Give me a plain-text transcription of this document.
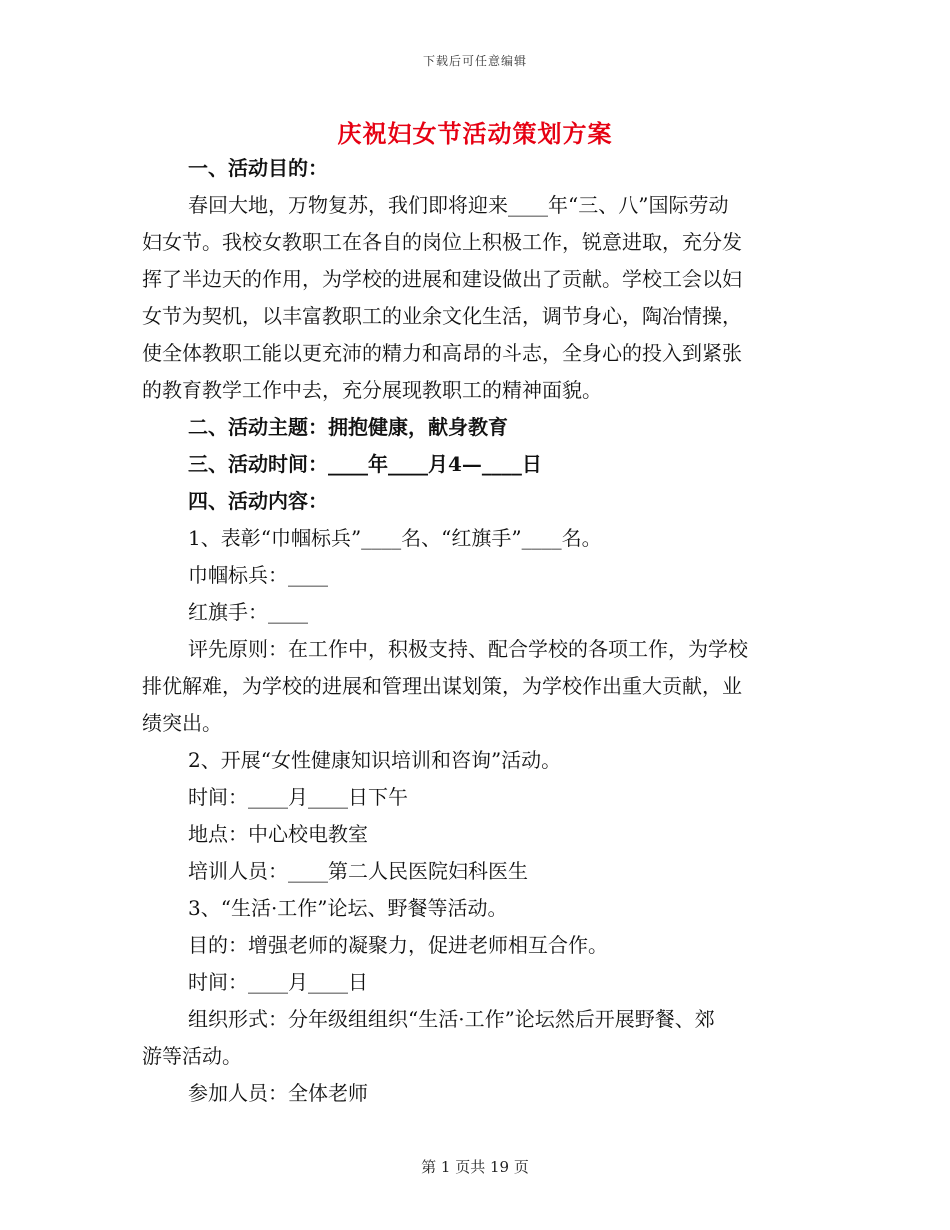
下载后可任意编辑
庆祝妇女节活动策划方案
一、活动目的：
春回大地，万物复苏，我们即将迎来____年“三、八”国际劳动
妇女节。我校女教职工在各自的岗位上积极工作，锐意进取，充分发
挥了半边天的作用，为学校的进展和建设做出了贡献。学校工会以妇
女节为契机，以丰富教职工的业余文化生活，调节身心，陶冶情操，
使全体教职工能以更充沛的精力和高昂的斗志，全身心的投入到紧张
的教育教学工作中去，充分展现教职工的精神面貌。
二、活动主题：拥抱健康，献身教育
三、活动时间：____年____月4—____日
四、活动内容：
1、表彰“巾帼标兵”____名、“红旗手”____名。
巾帼标兵：____
红旗手：____
评先原则：在工作中，积极支持、配合学校的各项工作，为学校
排优解难，为学校的进展和管理出谋划策，为学校作出重大贡献，业
绩突出。
2、开展“女性健康知识培训和咨询”活动。
时间：____月____日下午
地点：中心校电教室
培训人员：____第二人民医院妇科医生
3、“生活·工作”论坛、野餐等活动。
目的：增强老师的凝聚力，促进老师相互合作。
时间：____月____日
组织形式：分年级组组织“生活·工作”论坛然后开展野餐、郊
游等活动。
参加人员：全体老师
第 1 页共 19 页
